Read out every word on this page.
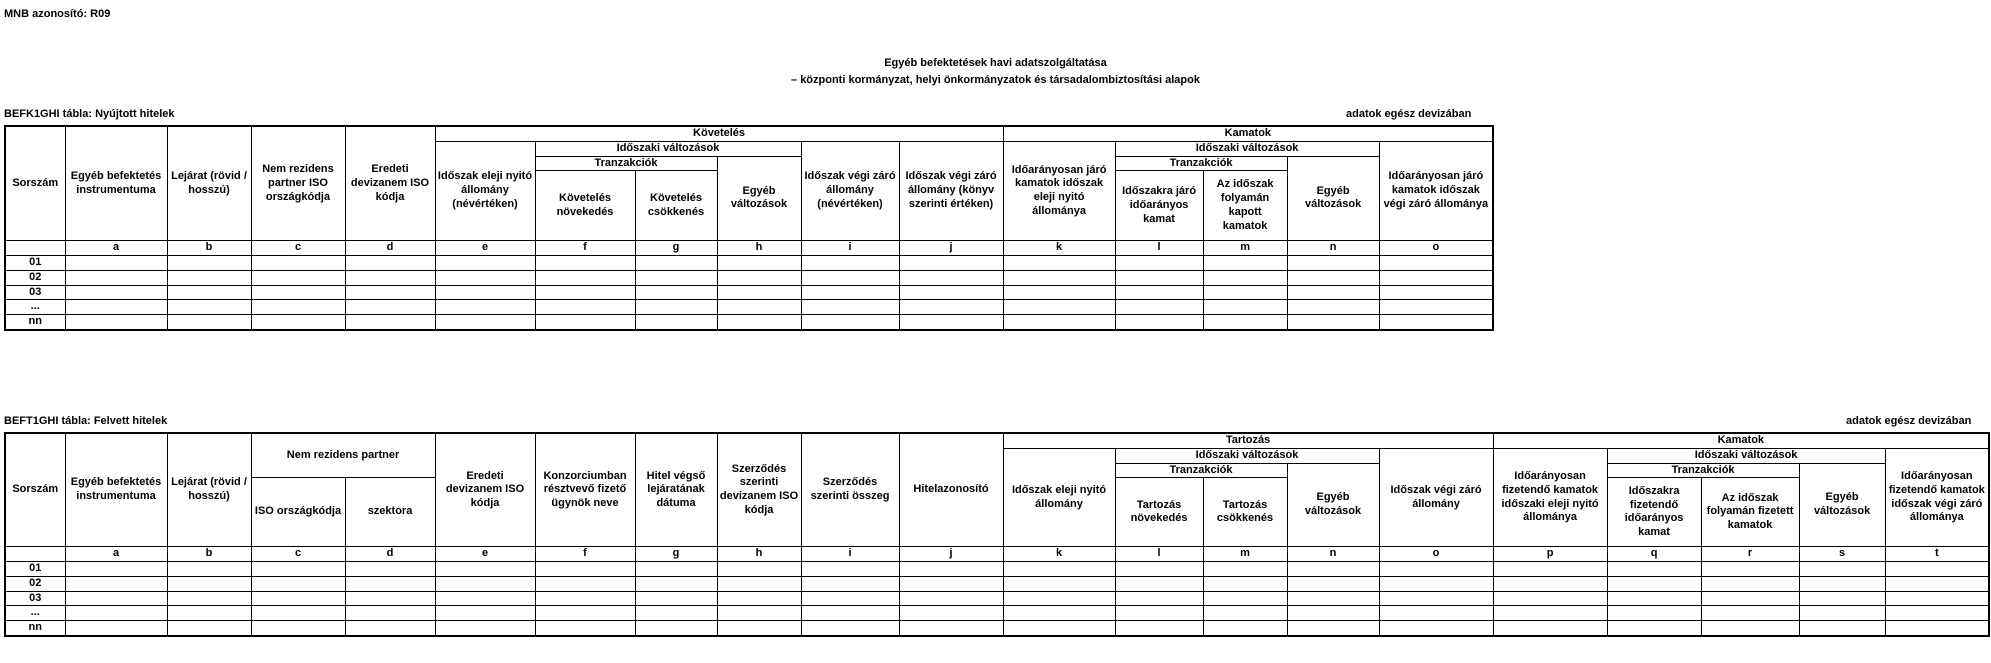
MNB azonosító: R09
Egyéb befektetések havi adatszolgáltatása
– központi kormányzat, helyi önkormányzatok és társadalombiztosítási alapok
BEFK1GHI tábla: Nyújtott hitelek	adatok egész devizában
Sorszám	Egyéb befektetés instrumentuma	Lejárat (rövid / hosszú)	Nem rezidens partner ISO országkódja	Eredeti devizanem ISO kódja	Követelés						Kamatok				
					Időszak eleji nyitó állomány (névértéken)	Időszaki változások			Időszak végi záró állomány (névértéken)	Időszak végi záró állomány (könyv szerinti értéken)	Időarányosan járó kamatok időszak eleji nyitó állománya	Időszaki változások			Időarányosan járó kamatok időszak végi záró állománya
						Tranzakciók		Egyéb változások				Tranzakciók		Egyéb változások	
						Követelés növekedés	Követelés csökkenés					Időszakra járó időarányos kamat	Az időszak folyamán kapott kamatok		
	a	b	c	d	e	f	g	h	i	j	k	l	m	n	o
01															
02															
03															
...															
nn															
BEFT1GHI tábla: Felvett hitelek	adatok egész devizában
Sorszám	Egyéb befektetés instrumentuma	Lejárat (rövid / hosszú)	Nem rezidens partner		Eredeti devizanem ISO kódja	Konzorciumban résztvevő fizető ügynök neve	Hitel végső lejáratának dátuma	Szerződés szerinti devizanem ISO kódja	Szerződés szerinti összeg	Hitelazonosító	Tartozás					Kamatok				
											Időszak eleji nyitó állomány	Időszaki változások			Időszak végi záró állomány	Időarányosan fizetendő kamatok időszaki eleji nyitó állománya	Időszaki változások			Időarányosan fizetendő kamatok időszak végi záró állománya
												Tranzakciók		Egyéb változások			Tranzakciók		Egyéb változások	
			ISO országkódja	szektora								Tartozás növekedés	Tartozás csökkenés				Időszakra fizetendő időarányos kamat	Az időszak folyamán fizetett kamatok		
	a	b	c	d	e	f	g	h	i	j	k	l	m	n	o	p	q	r	s	t
01																				
02																				
03																				
...																				
nn																				
